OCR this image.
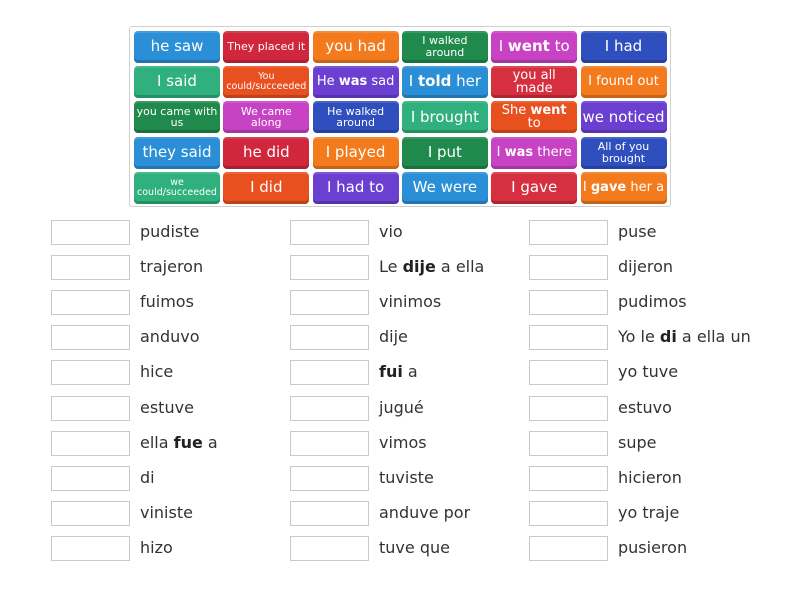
he saw They placed it you had	I walked around	I went to I had
I said	You could/succeeded He was sad I told her	you all made	I found out
you came with us
We came along
He walked around	I brought	She went to	we noticed
they said he did I played	I put	I was there	All of you brought
we could/succeeded I did	I had to We were I gave I gave her a
pudiste
trajeron
fuimos
anduvo
hice
estuve
ella fue a
di
viniste
hizo
vio
Le dije a ella
vinimos
dije
fui a
jugué
vimos
tuviste
anduve por
tuve que
puse
dijeron
pudimos
Yo le di a ella un
yo tuve
estuvo
supe
hicieron
yo traje
pusieron
